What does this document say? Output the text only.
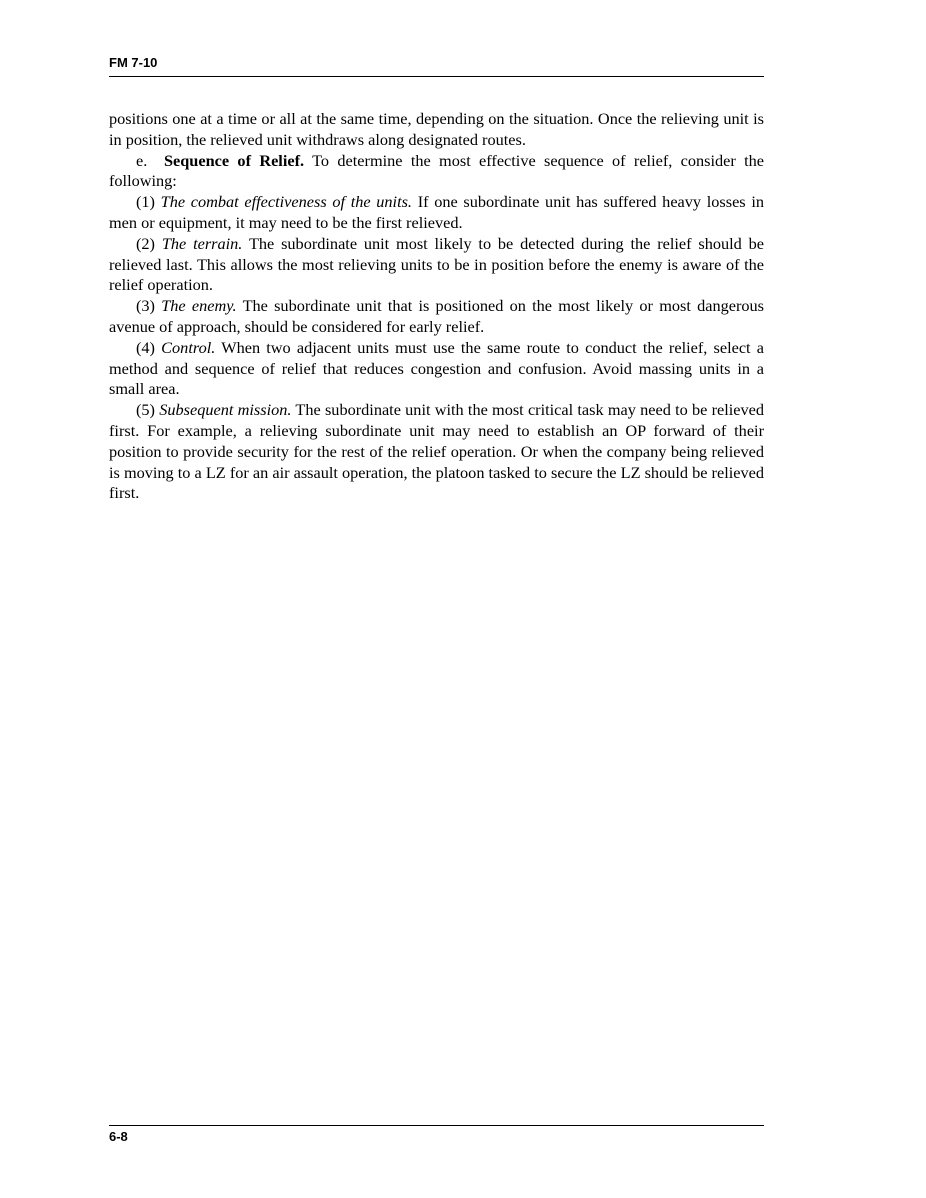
FM 7-10

positions one at a time or all at the same time, depending on the situation. Once the relieving unit is in position, the relieved unit withdraws along designated routes.

e. Sequence of Relief. To determine the most effective sequence of relief, consider the following:

(1) The combat effectiveness of the units. If one subordinate unit has suffered heavy losses in men or equipment, it may need to be the first relieved.

(2) The terrain. The subordinate unit most likely to be detected during the relief should be relieved last. This allows the most relieving units to be in position before the enemy is aware of the relief operation.

(3) The enemy. The subordinate unit that is positioned on the most likely or most dangerous avenue of approach, should be considered for early relief.

(4) Control. When two adjacent units must use the same route to conduct the relief, select a method and sequence of relief that reduces congestion and confusion. Avoid massing units in a small area.

(5) Subsequent mission. The subordinate unit with the most critical task may need to be relieved first. For example, a relieving subordinate unit may need to establish an OP forward of their position to provide security for the rest of the relief operation. Or when the company being relieved is moving to a LZ for an air assault operation, the platoon tasked to secure the LZ should be relieved first.

6-8
